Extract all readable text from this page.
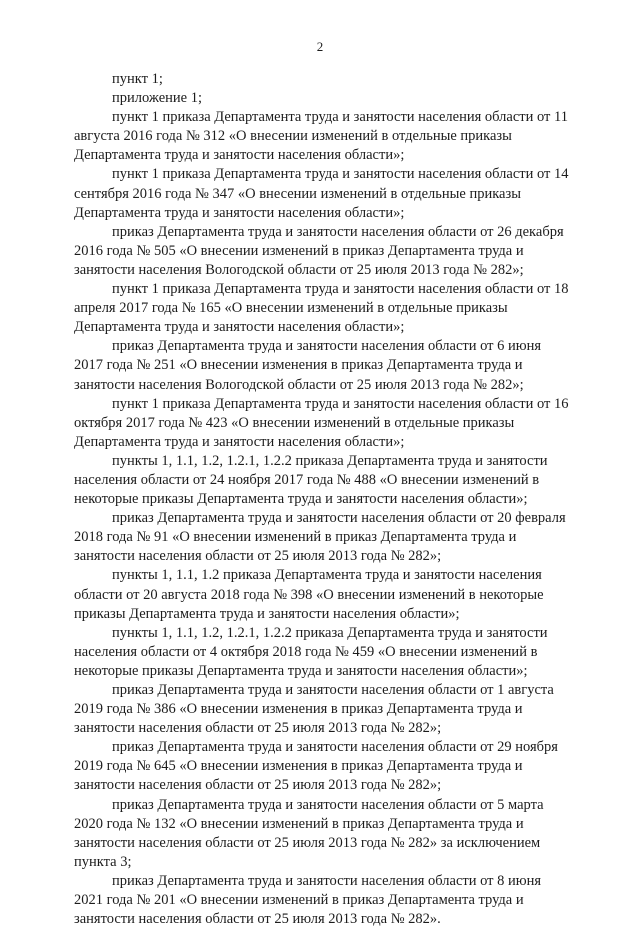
2

пункт 1;

приложение 1;

пункт 1 приказа Департамента труда и занятости населения области от 11
августа 2016 года № 312 «О внесении изменений в отдельные приказы
Департамента труда и занятости населения области»;

пункт 1 приказа Департамента труда и занятости населения области от 14
сентября 2016 года № 347 «О внесении изменений в отдельные приказы
Департамента труда и занятости населения области»;

приказ Департамента труда и занятости населения области от 26 декабря
2016 года № 505 «О внесении изменений в приказ Департамента труда и
занятости населения Вологодской области от 25 июля 2013 года № 282»;

пункт 1 приказа Департамента труда и занятости населения области от 18
апреля 2017 года № 165 «О внесении изменений в отдельные приказы
Департамента труда и занятости населения области»;

приказ Департамента труда и занятости населения области от 6 июня
2017 года № 251 «О внесении изменения в приказ Департамента труда и
занятости населения Вологодской области от 25 июля 2013 года № 282»;

пункт 1 приказа Департамента труда и занятости населения области от 16
октября 2017 года № 423 «О внесении изменений в отдельные приказы
Департамента труда и занятости населения области»;

пункты 1, 1.1, 1.2, 1.2.1, 1.2.2 приказа Департамента труда и занятости
населения области от 24 ноября 2017 года № 488 «О внесении изменений в
некоторые приказы Департамента труда и занятости населения области»;

приказ Департамента труда и занятости населения области от 20 февраля
2018 года № 91 «О внесении изменений в приказ Департамента труда и
занятости населения области от 25 июля 2013 года № 282»;

пункты 1, 1.1, 1.2 приказа Департамента труда и занятости населения
области от 20 августа 2018 года № 398 «О внесении изменений в некоторые
приказы Департамента труда и занятости населения области»;

пункты 1, 1.1, 1.2, 1.2.1, 1.2.2 приказа Департамента труда и занятости
населения области от 4 октября 2018 года № 459 «О внесении изменений в
некоторые приказы Департамента труда и занятости населения области»;

приказ Департамента труда и занятости населения области от 1 августа
2019 года № 386 «О внесении изменения в приказ Департамента труда и
занятости населения области от 25 июля 2013 года № 282»;

приказ Департамента труда и занятости населения области от 29 ноября
2019 года № 645 «О внесении изменения в приказ Департамента труда и
занятости населения области от 25 июля 2013 года № 282»;

приказ Департамента труда и занятости населения области от 5 марта
2020 года № 132 «О внесении изменений в приказ Департамента труда и
занятости населения области от 25 июля 2013 года № 282» за исключением
пункта 3;

приказ Департамента труда и занятости населения области от 8 июня
2021 года № 201 «О внесении изменений в приказ Департамента труда и
занятости населения области от 25 июля 2013 года № 282».
